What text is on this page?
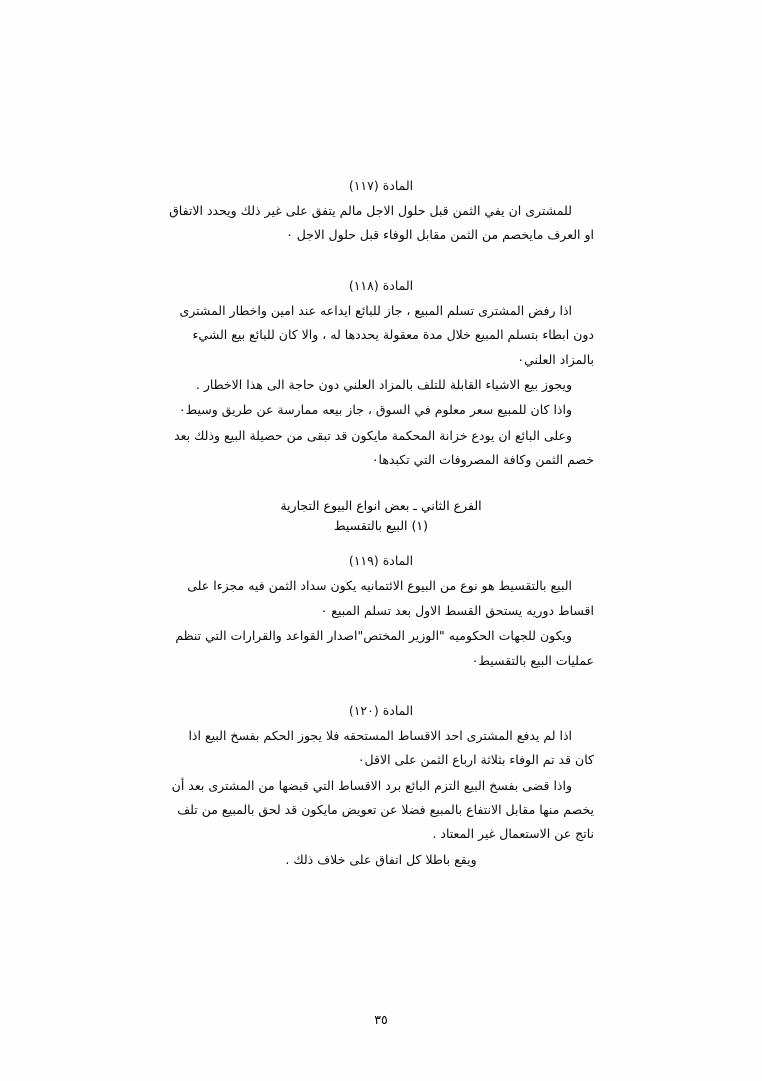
المادة (١١٧)

للمشترى ان يفي الثمن قبل حلول الاجل مالم يتفق على غير ذلك ويحدد الاتفاق او العرف مايخصم من الثمن مقابل الوفاء قبل حلول الاجل ٠

المادة (١١٨)

اذا رفض المشترى تسلم المبيع ، جاز للبائع ايداعه عند امين واخطار المشترى دون ابطاء بتسلم المبيع خلال مدة معقولة يحددها له ، والا كان للبائع بيع الشيء بالمزاد العلني٠

ويجوز بيع الاشياء القابلة للتلف بالمزاد العلني دون حاجة الى هذا الاخطار .

واذا كان للمبيع سعر معلوم في السوق ، جاز بيعه ممارسة عن طريق وسيط٠

وعلى البائع ان يودع خزانة المحكمة مايكون قد تبقى من حصيلة البيع وذلك بعد خصم الثمن وكافة المصروفات التي تكبدها٠

الفرع الثاني ـ بعض انواع البيوع التجارية
(١) البيع بالتقسيط
المادة (١١٩)

البيع بالتقسيط هو نوع من البيوع الائتمانيه يكون سداد الثمن فيه مجزءا على اقساط دوريه يستحق القسط الاول بعد تسلم المبيع ٠

ويكون للجهات الحكوميه "الوزير المختص"اصدار القواعد والقرارات التي تنظم عمليات البيع بالتقسيط٠

المادة (١٢٠)

اذا لم يدفع المشترى احد الاقساط المستحقه فلا يجوز الحكم بفسخ البيع اذا كان قد تم الوفاء بثلاثة ارباع الثمن على الاقل٠

واذا قضى بفسخ البيع التزم البائع برد الاقساط التي قبضها من المشترى بعد أن يخصم منها مقابل الانتفاع بالمبيع فضلا عن تعويض مايكون قد لحق بالمبيع من تلف ناتج عن الاستعمال غير المعتاد .

ويقع باطلا كل اتفاق على خلاف ذلك .

٣٥
